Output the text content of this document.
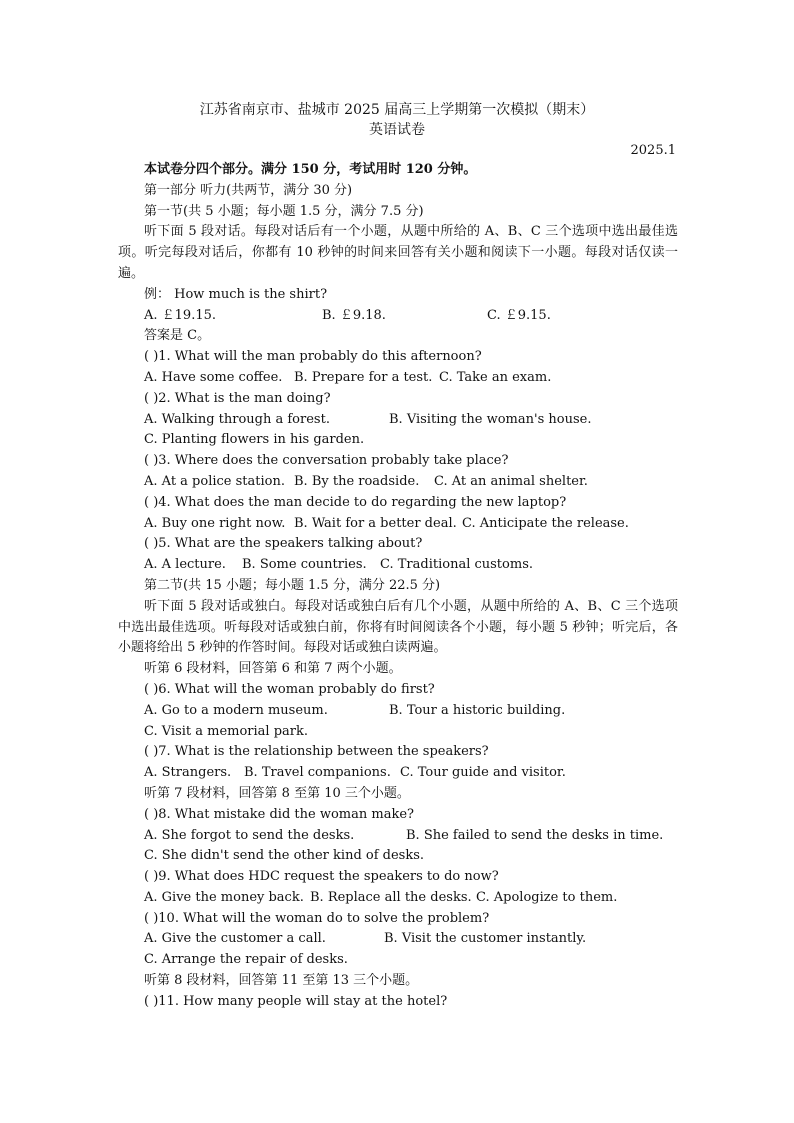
江苏省南京市、盐城市 2025 届高三上学期第一次模拟（期末）
英语试卷
2025.1
本试卷分四个部分。满分 150 分，考试用时 120 分钟。
第一部分 听力(共两节，满分 30 分)
第一节(共 5 小题；每小题 1.5 分，满分 7.5 分)
听下面 5 段对话。每段对话后有一个小题，从题中所给的 A、B、C 三个选项中选出最佳选项。听完每段对话后，你都有 10 秒钟的时间来回答有关小题和阅读下一小题。每段对话仅读一遍。
例： How much is the shirt?
A. ￡19.15.	B. ￡9.18.	C. ￡9.15.
答案是 C。
( )1. What will the man probably do this afternoon?
A. Have some coffee. B. Prepare for a test. C. Take an exam.
( )2. What is the man doing?
A. Walking through a forest.	B. Visiting the woman's house.
C. Planting flowers in his garden.
( )3. Where does the conversation probably take place?
A. At a police station. B. By the roadside.	C. At an animal shelter.
( )4. What does the man decide to do regarding the new laptop?
A. Buy one right now. B. Wait for a better deal. C. Anticipate the release.
( )5. What are the speakers talking about?
A. A lecture.	B. Some countries.	C. Traditional customs.
第二节(共 15 小题；每小题 1.5 分，满分 22.5 分)
听下面 5 段对话或独白。每段对话或独白后有几个小题，从题中所给的 A、B、C 三个选项中选出最佳选项。听每段对话或独白前，你将有时间阅读各个小题，每小题 5 秒钟；听完后，各小题将给出 5 秒钟的作答时间。每段对话或独白读两遍。
听第 6 段材料，回答第 6 和第 7 两个小题。
( )6. What will the woman probably do first?
A. Go to a modern museum.	B. Tour a historic building.
C. Visit a memorial park.
( )7. What is the relationship between the speakers?
A. Strangers. B. Travel companions. C. Tour guide and visitor.
听第 7 段材料，回答第 8 至第 10 三个小题。
( )8. What mistake did the woman make?
A. She forgot to send the desks.	B. She failed to send the desks in time.
C. She didn't send the other kind of desks.
( )9. What does HDC request the speakers to do now?
A. Give the money back. B. Replace all the desks. C. Apologize to them.
( )10. What will the woman do to solve the problem?
A. Give the customer a call.	B. Visit the customer instantly.
C. Arrange the repair of desks.
听第 8 段材料，回答第 11 至第 13 三个小题。
( )11. How many people will stay at the hotel?
